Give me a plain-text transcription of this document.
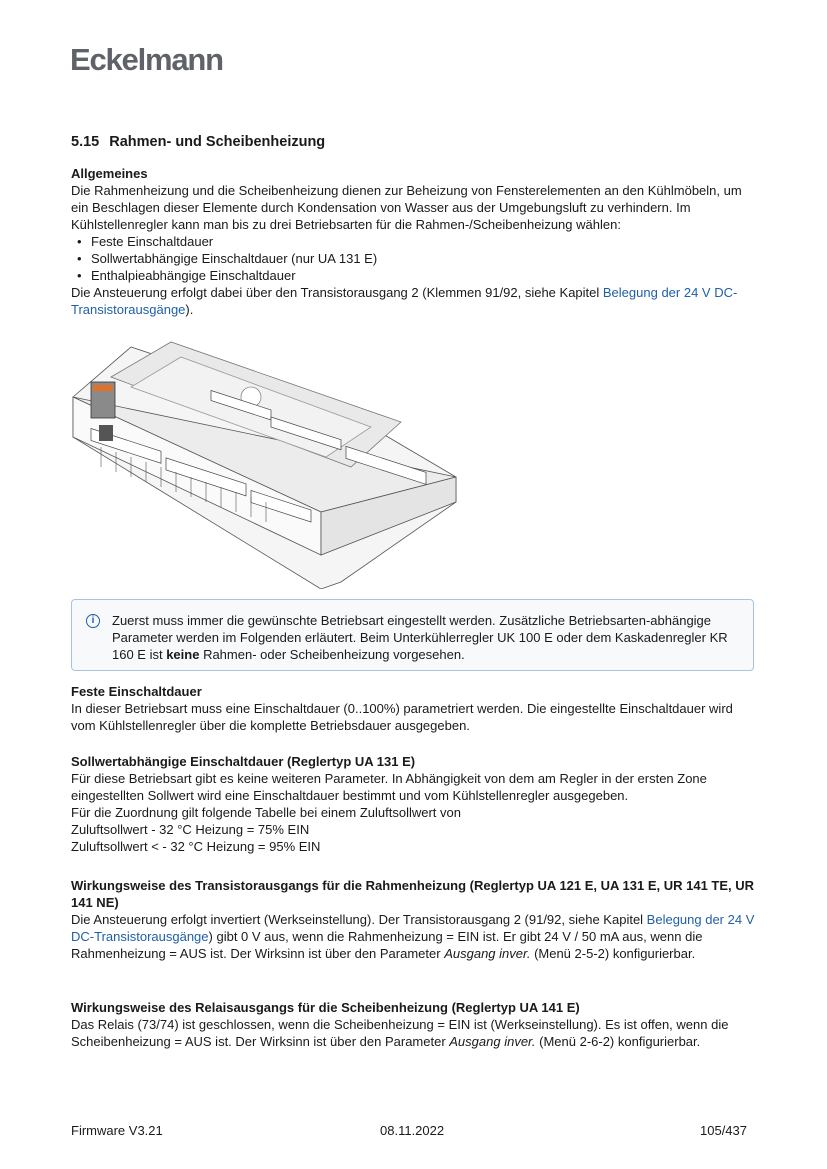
Eckelmann
5.15 Rahmen- und Scheibenheizung
Allgemeines

Die Rahmenheizung und die Scheibenheizung dienen zur Beheizung von Fensterelementen an den Kühlmöbeln, um ein Beschlagen dieser Elemente durch Kondensation von Wasser aus der Umgebungsluft zu verhindern. Im Kühlstellenregler kann man bis zu drei Betriebsarten für die Rahmen-/Scheibenheizung wählen:

• Feste Einschaltdauer
• Sollwertabhängige Einschaltdauer (nur UA 131 E)
• Enthalpieabhängige Einschaltdauer

Die Ansteuerung erfolgt dabei über den Transistorausgang 2 (Klemmen 91/92, siehe Kapitel Belegung der 24 V DC-Transistorausgänge).

i	Zuerst muss immer die gewünschte Betriebsart eingestellt werden. Zusätzliche Betriebsarten-abhängige Parameter werden im Folgenden erläutert. Beim Unterkühlerregler UK 100 E oder dem Kaskadenregler KR 160 E ist keine Rahmen- oder Scheibenheizung vorgesehen.

Feste Einschaltdauer

In dieser Betriebsart muss eine Einschaltdauer (0..100%) parametriert werden. Die eingestellte Einschaltdauer wird vom Kühlstellenregler über die komplette Betriebsdauer ausgegeben.

Sollwertabhängige Einschaltdauer (Reglertyp UA 131 E)

Für diese Betriebsart gibt es keine weiteren Parameter. In Abhängigkeit von dem am Regler in der ersten Zone eingestellten Sollwert wird eine Einschaltdauer bestimmt und vom Kühlstellenregler ausgegeben.

Für die Zuordnung gilt folgende Tabelle bei einem Zuluftsollwert von

Zuluftsollwert - 32 °C Heizung = 75% EIN

Zuluftsollwert < - 32 °C Heizung = 95% EIN

Wirkungsweise des Transistorausgangs für die Rahmenheizung (Reglertyp UA 121 E, UA 131 E, UR 141 TE, UR 141 NE)

Die Ansteuerung erfolgt invertiert (Werkseinstellung). Der Transistorausgang 2 (91/92, siehe Kapitel Belegung der 24 V DC-Transistorausgänge) gibt 0 V aus, wenn die Rahmenheizung = EIN ist. Er gibt 24 V / 50 mA aus, wenn die Rahmenheizung = AUS ist. Der Wirksinn ist über den Parameter Ausgang inver. (Menü 2-5-2) konfigurierbar.

Wirkungsweise des Relaisausgangs für die Scheibenheizung (Reglertyp UA 141 E)

Das Relais (73/74) ist geschlossen, wenn die Scheibenheizung = EIN ist (Werkseinstellung). Es ist offen, wenn die Scheibenheizung = AUS ist. Der Wirksinn ist über den Parameter Ausgang inver. (Menü 2-6-2) konfigurierbar.

Firmware V3.21	08.11.2022	105/437
